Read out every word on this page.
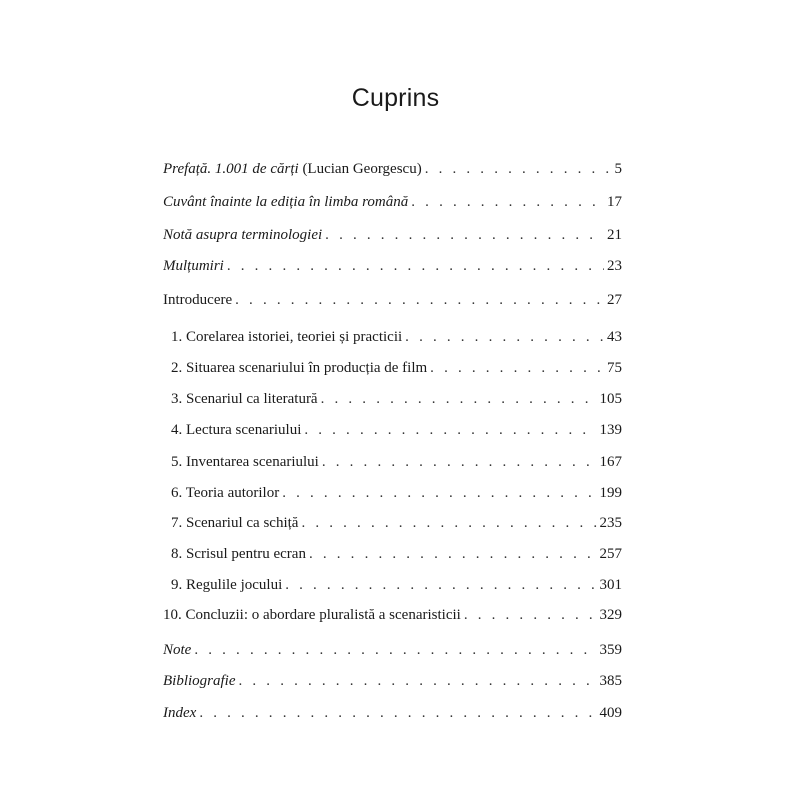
Cuprins
Prefață. 1.001 de cărți (Lucian Georgescu) . . .	5
Cuvânt înainte la ediția în limba română . . .	17
Notă asupra terminologiei . . .	21
Mulțumiri . . .	23
Introducere . . .	27
1. Corelarea istoriei, teoriei și practicii . . .	43
2. Situarea scenariului în producția de film . . .	75
3. Scenariul ca literatură . . .	105
4. Lectura scenariului . . .	139
5. Inventarea scenariului . . .	167
6. Teoria autorilor . . .	199
7. Scenariul ca schiță . . .	235
8. Scrisul pentru ecran . . .	257
9. Regulile jocului . . .	301
10. Concluzii: o abordare pluralistă a scenaristicii . . .	329
Note . . .	359
Bibliografie . . .	385
Index . . .	409
